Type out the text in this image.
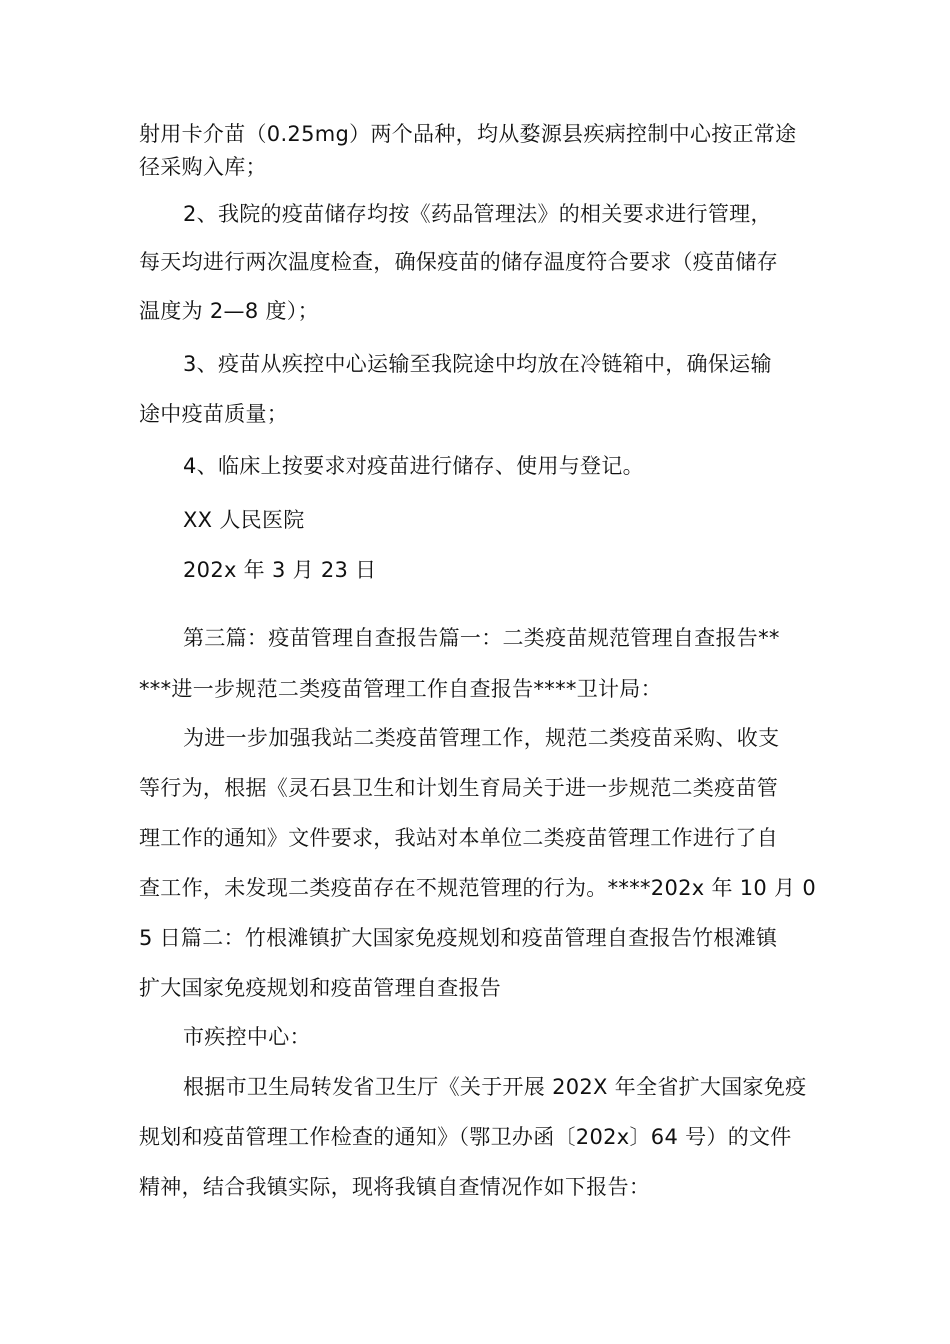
射用卡介苗（0.25mg）两个品种，均从婺源县疾病控制中心按正常途
径采购入库；
2、我院的疫苗储存均按《药品管理法》的相关要求进行管理，
每天均进行两次温度检查，确保疫苗的储存温度符合要求（疫苗储存
温度为 2—8 度）；
3、疫苗从疾控中心运输至我院途中均放在冷链箱中，确保运输
途中疫苗质量；
4、临床上按要求对疫苗进行储存、使用与登记。
XX 人民医院
202x 年 3 月 23 日
第三篇：疫苗管理自查报告篇一：二类疫苗规范管理自查报告**
***进一步规范二类疫苗管理工作自查报告****卫计局：
为进一步加强我站二类疫苗管理工作，规范二类疫苗采购、收支
等行为，根据《灵石县卫生和计划生育局关于进一步规范二类疫苗管
理工作的通知》文件要求，我站对本单位二类疫苗管理工作进行了自
查工作，未发现二类疫苗存在不规范管理的行为。****202x 年 10 月 0
5 日篇二：竹根滩镇扩大国家免疫规划和疫苗管理自查报告竹根滩镇
扩大国家免疫规划和疫苗管理自查报告
市疾控中心：
根据市卫生局转发省卫生厅《关于开展 202X 年全省扩大国家免疫
规划和疫苗管理工作检查的通知》（鄂卫办函〔202x〕64 号）的文件
精神，结合我镇实际，现将我镇自查情况作如下报告：
